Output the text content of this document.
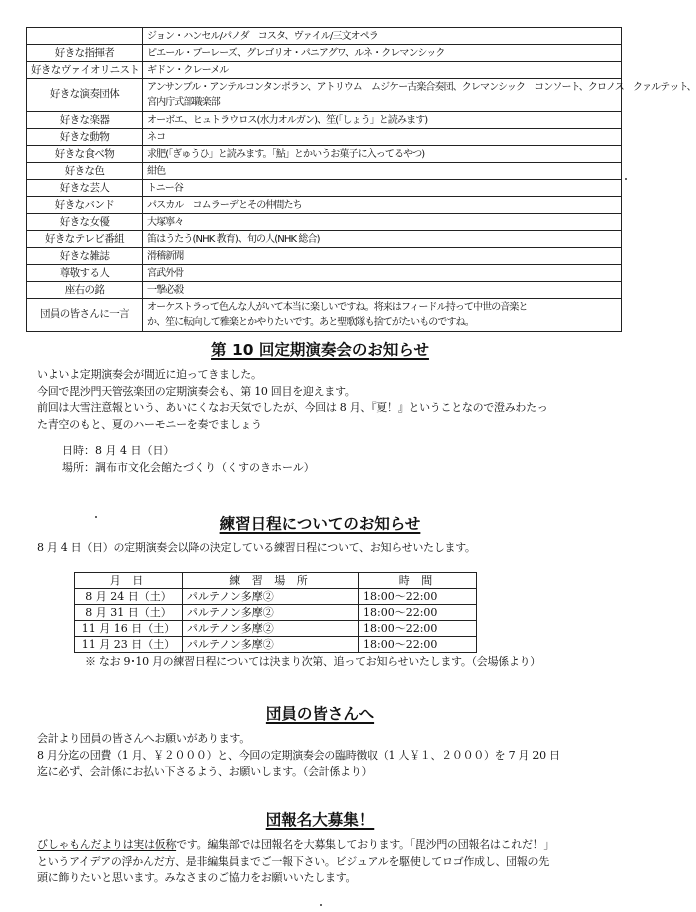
	ジョン・ハンセル/パノダ　コスタ、ヴァイル/三文オペラ

好きな指揮者	ピエール・ブーレーズ、グレゴリオ・パニアグワ、ルネ・クレマンシック

好きなヴァイオリニスト	ギドン・クレーメル

好きな演奏団体	アンサンブル・アンテルコンタンポラン、アトリウム　ムジケー古楽合奏団、クレマンシック　コンソート、クロノス　クァルテット、
宮内庁式部職楽部

好きな楽器	オーボエ、ヒュトラウロス(水力オルガン)、笙(「しょう」と読みます)

好きな動物	ネコ

好きな食べ物	求肥(「ぎゅうひ」と読みます。「鮎」とかいうお菓子に入ってるやつ)

好きな色	紺色

好きな芸人	トニー谷

好きなバンド	パスカル　コムラーデとその仲間たち

好きな女優	大塚寧々

好きなテレビ番組	笛はうたう(NHK 教育)、旬の人(NHK 総合)

好きな雑誌	滑稽新聞

尊敬する人	宮武外骨

座右の銘	一撃必殺

団員の皆さんに一言	オーケストラって色んな人がいて本当に楽しいですね。将来はフィードル持って中世の音楽と
か、笙に転向して雅楽とかやりたいです。あと聖歌隊も捨てがたいものですね。
第 10 回定期演奏会のお知らせ

いよいよ定期演奏会が間近に迫ってきました。

今回で毘沙門天管弦楽団の定期演奏会も、第 10 回目を迎えます。

前回は大雪注意報という、あいにくなお天気でしたが、今回は 8 月、『夏！』ということなので澄みわたっ

た青空のもと、夏のハーモニーを奏でましょう

日時：8 月 4 日（日）

場所：調布市文化会館たづくり（くすのきホール）

練習日程についてのお知らせ

8 月 4 日（日）の定期演奏会以降の決定している練習日程について、お知らせいたします。

月 日	練 習 場 所	時 間
8 月 24 日（土）	パルテノン多摩②	18:00～22:00
8 月 31 日（土）	パルテノン多摩②	18:00～22:00
11 月 16 日（土）	パルテノン多摩②	18:00～22:00
11 月 23 日（土）	パルテノン多摩②	18:00～22:00
※ なお 9･10 月の練習日程については決まり次第、追ってお知らせいたします。（会場係より）
団員の皆さんへ

会計より団員の皆さんへお願いがあります。

8 月分迄の団費（1 月、￥２０００）と、今回の定期演奏会の臨時徴収（1 人￥１、２０００）を 7 月 20 日

迄に必ず、会計係にお払い下さるよう、お願いします。（会計係より）

団報名大募集！

びしゃもんだよりは実は仮称です。編集部では団報名を大募集しております。「毘沙門の団報名はこれだ！」

というアイデアの浮かんだ方、是非編集員までご一報下さい。ビジュアルを駆使してロゴ作成し、団報の先

頭に飾りたいと思います。みなさまのご協力をお願いいたします。
